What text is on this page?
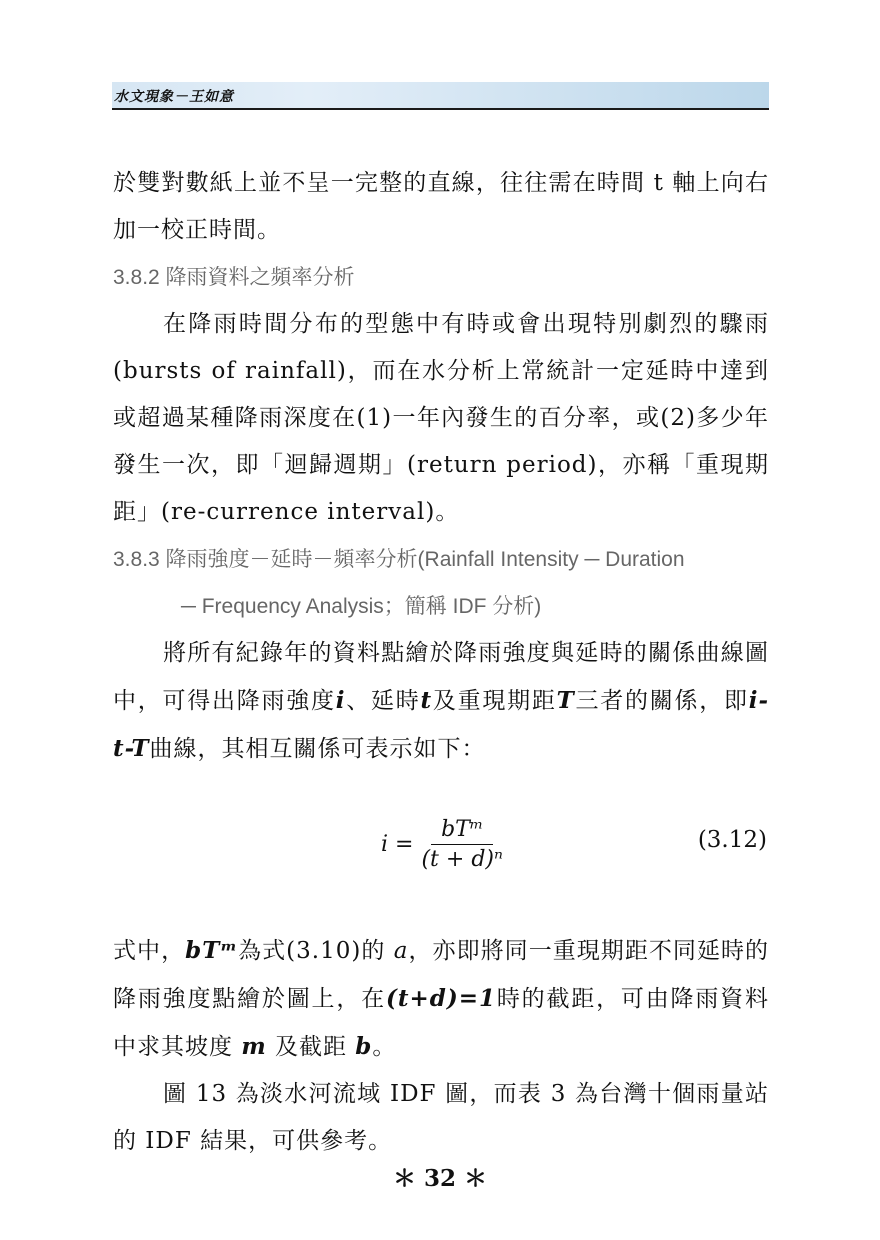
水文現象－王如意

於雙對數紙上並不呈一完整的直線，往往需在時間 t 軸上向右加一校正時間。

3.8.2 降雨資料之頻率分析

在降雨時間分布的型態中有時或會出現特別劇烈的驟雨(bursts of rainfall)，而在水分析上常統計一定延時中達到或超過某種降雨深度在(1)一年內發生的百分率，或(2)多少年發生一次，即「迴歸週期」(return period)，亦稱「重現期距」(re-currence interval)。

3.8.3 降雨強度－延時－頻率分析(Rainfall Intensity ─ Duration

─ Frequency Analysis；簡稱 IDF 分析)

將所有紀錄年的資料點繪於降雨強度與延時的關係曲線圖中，可得出降雨強度i、延時t及重現期距T三者的關係，即i-t-T曲線，其相互關係可表示如下：

$i = \frac{\text{bTᵐ}}{\text{(t + d)ⁿ}}$	(3.12)

式中，bTᵐ為式(3.10)的 a，亦即將同一重現期距不同延時的降雨強度點繪於圖上，在(t+d)=1時的截距，可由降雨資料中求其坡度 m 及截距 b。

圖 13 為淡水河流域 IDF 圖，而表 3 為台灣十個雨量站的 IDF 結果，可供參考。

＊ 32 ＊
